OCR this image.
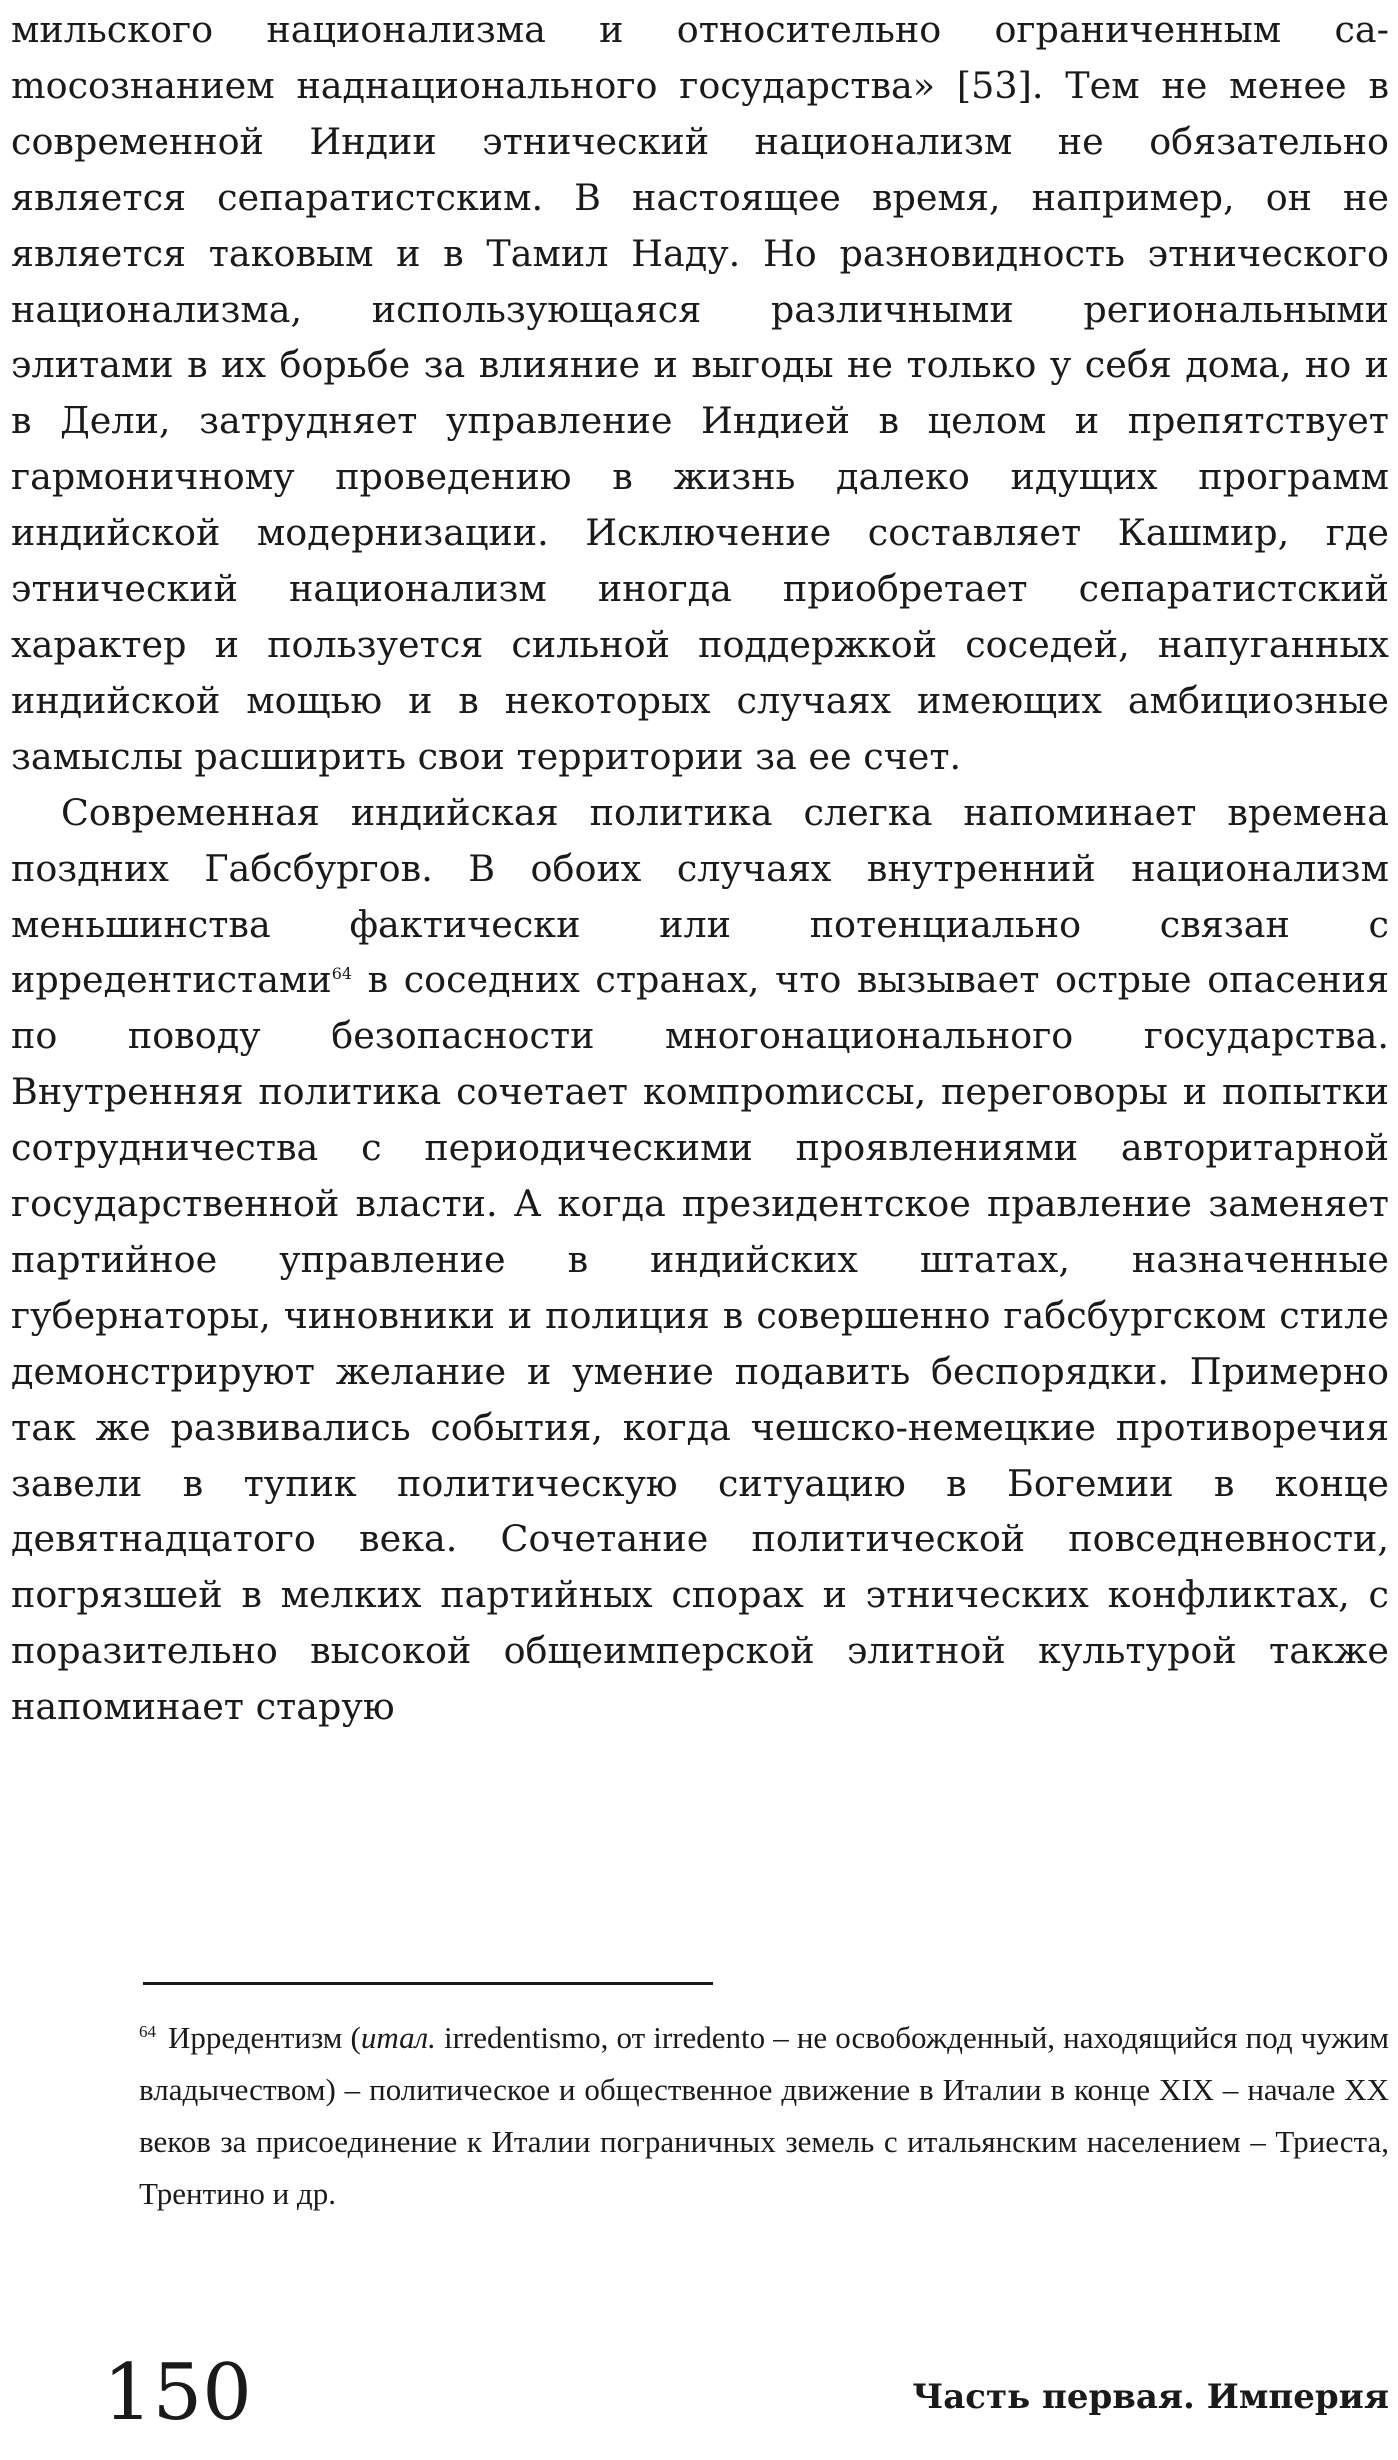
мильского национализма и относительно ограниченным саmосознанием наднационального государства» [53]. Тем не менее в современной Индии этнический национализм не обязательно является сепаратистским. В настоящее время, например, он не является таковым и в Тамил Наду. Но разновидность этнического национализма, использующаяся различными региональными элитами в их борьбе за влияние и выгоды не только у себя дома, но и в Дели, затрудняет управление Индией в целом и препятствует гармоничному проведению в жизнь далеко идущих программ индийской модернизации. Исключение составляет Кашмир, где этнический национализм иногда приобретает сепаратистский характер и пользуется сильной поддержкой соседей, напуганных индийской мощью и в некоторых случаях имеющих амбициозные замыслы расширить свои территории за ее счет.

Современная индийская политика слегка напоминает времена поздних Габсбургов. В обоих случаях внутренний национализм меньшинства фактически или потенциально связан с ирредентистами$^{64}$ в соседних странах, что вызывает острые опасения по поводу безопасности многонационального государства. Внутренняя политика сочетает компроmиссы, переговоры и попытки сотрудничества с периодическими проявлениями авторитарной государственной власти. А когда президентское правление заменяет партийное управление в индийских штатах, назначенные губернаторы, чиновники и полиция в совершенно габсбургском стиле демонстрируют желание и умение подавить беспорядки. Примерно так же развивались события, когда чешско-немецкие противоречия завели в тупик политическую ситуацию в Богемии в конце девятнадцатого века. Сочетание политической повседневности, погрязшей в мелких партийных спорах и этнических конфликтах, с поразительно высокой общеимперской элитной культурой также напоминает старую

$^{64}$ Ирредентизм (итал. irredentismo, от irredento – не освобожденный, находящийся под чужим владычеством) – политическое и общественное движение в Италии в конце XIX – начале XX веков за присоединение к Италии пограничных земель с итальянским населением – Триеста, Трентино и др.
150	Часть первая. Империя
